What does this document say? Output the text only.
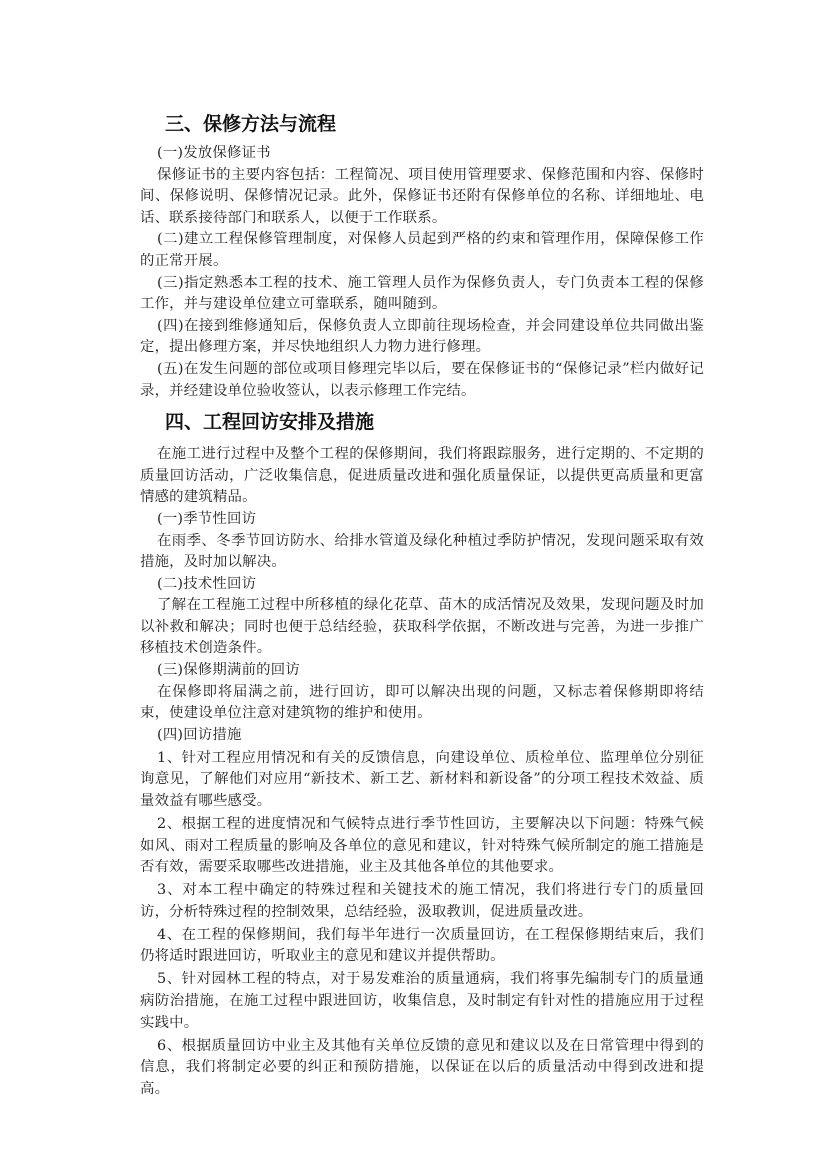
三、保修方法与流程

(一)发放保修证书

保修证书的主要内容包括：工程简况、项目使用管理要求、保修范围和内容、保修时间、保修说明、保修情况记录。此外，保修证书还附有保修单位的名称、详细地址、电话、联系接待部门和联系人，以便于工作联系。

(二)建立工程保修管理制度，对保修人员起到严格的约束和管理作用，保障保修工作的正常开展。

(三)指定熟悉本工程的技术、施工管理人员作为保修负责人，专门负责本工程的保修工作，并与建设单位建立可靠联系，随叫随到。

(四)在接到维修通知后，保修负责人立即前往现场检查，并会同建设单位共同做出鉴定，提出修理方案，并尽快地组织人力物力进行修理。

(五)在发生问题的部位或项目修理完毕以后，要在保修证书的“保修记录”栏内做好记录，并经建设单位验收签认，以表示修理工作完结。

四、工程回访安排及措施

在施工进行过程中及整个工程的保修期间，我们将跟踪服务，进行定期的、不定期的质量回访活动，广泛收集信息，促进质量改进和强化质量保证，以提供更高质量和更富情感的建筑精品。

(一)季节性回访

在雨季、冬季节回访防水、给排水管道及绿化种植过季防护情况，发现问题采取有效措施，及时加以解决。

(二)技术性回访

了解在工程施工过程中所移植的绿化花草、苗木的成活情况及效果，发现问题及时加以补救和解决；同时也便于总结经验，获取科学依据，不断改进与完善，为进一步推广移植技术创造条件。

(三)保修期满前的回访

在保修即将届满之前，进行回访，即可以解决出现的问题，又标志着保修期即将结束，使建设单位注意对建筑物的维护和使用。

(四)回访措施

1、针对工程应用情况和有关的反馈信息，向建设单位、质检单位、监理单位分别征询意见，了解他们对应用“新技术、新工艺、新材料和新设备”的分项工程技术效益、质量效益有哪些感受。

2、根据工程的进度情况和气候特点进行季节性回访，主要解决以下问题：特殊气候如风、雨对工程质量的影响及各单位的意见和建议，针对特殊气候所制定的施工措施是否有效，需要采取哪些改进措施，业主及其他各单位的其他要求。

3、对本工程中确定的特殊过程和关键技术的施工情况，我们将进行专门的质量回访，分析特殊过程的控制效果，总结经验，汲取教训，促进质量改进。

4、在工程的保修期间，我们每半年进行一次质量回访，在工程保修期结束后，我们仍将适时跟进回访，听取业主的意见和建议并提供帮助。

5、针对园林工程的特点，对于易发难治的质量通病，我们将事先编制专门的质量通病防治措施，在施工过程中跟进回访，收集信息，及时制定有针对性的措施应用于过程实践中。

6、根据质量回访中业主及其他有关单位反馈的意见和建议以及在日常管理中得到的信息，我们将制定必要的纠正和预防措施，以保证在以后的质量活动中得到改进和提高。
